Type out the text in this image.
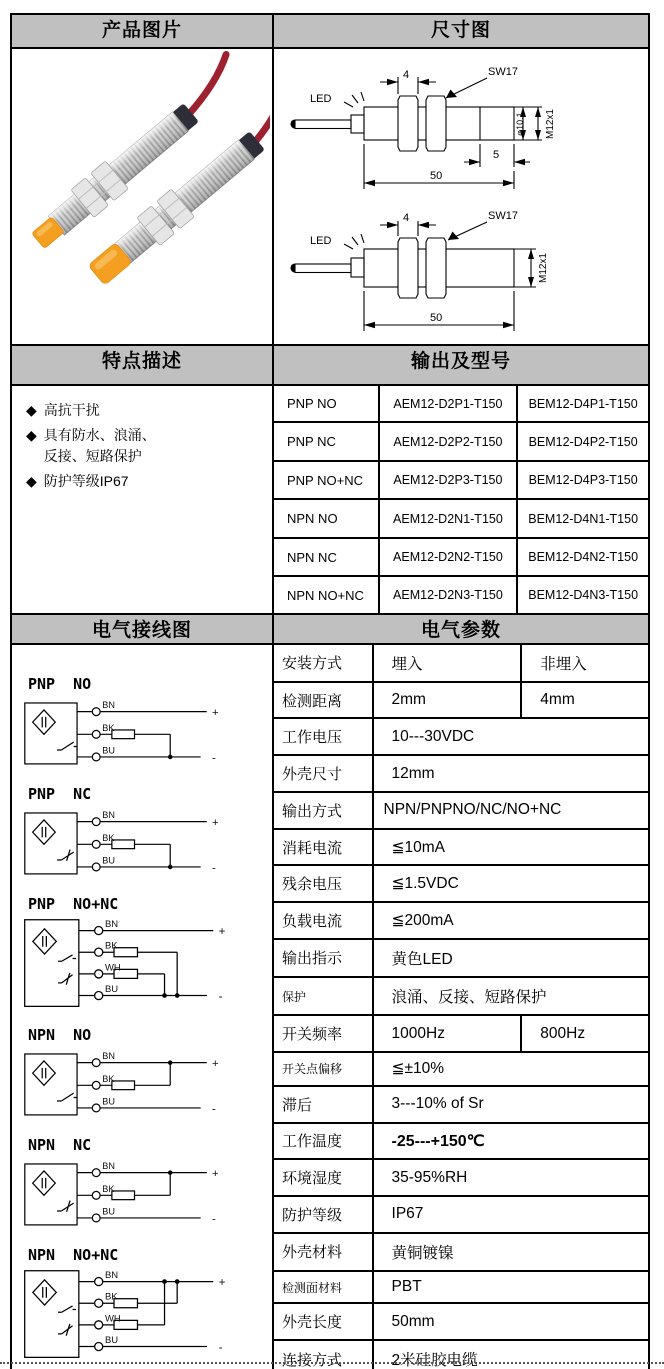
产品图片	尺寸图

LED
4	SW17
5
50
φ10.1 M12x1
LED
4	SW17
50
M12x1

特点描述	输出及型号

◆ 高抗干扰
◆ 具有防水、浪涌、反接、短路保护
◆ 防护等级IP67

PNP NO	AEM12-D2P1-T150	BEM12-D4P1-T150
PNP NC	AEM12-D2P2-T150	BEM12-D4P2-T150
PNP NO+NC	AEM12-D2P3-T150	BEM12-D4P3-T150
NPN NO	AEM12-D2N1-T150	BEM12-D4N1-T150
NPN NC	AEM12-D2N2-T150	BEM12-D4N2-T150
NPN NO+NC	AEM12-D2N3-T150	BEM12-D4N3-T150

电气接线图	电气参数

PNP  NO
BN
BK
BU
+
-
PNP  NC
BN
BK
BU
+
-
PNP  NO+NC
BN
BK
WH
BU
+
-
NPN  NO
BN
BK
BU
+
-
NPN  NC
BN
BK
BU
+
-
NPN  NO+NC
BN
BK
WH
BU
+
-

安装方式	埋入	非埋入
检测距离	2mm	4mm
工作电压	10---30VDC
外壳尺寸	12mm
输出方式	NPN/PNPNO/NC/NO+NC
消耗电流	≦10mA
残余电压	≦1.5VDC
负载电流	≦200mA
输出指示	黄色LED
保护	浪涌、反接、短路保护
开关频率	1000Hz	800Hz
开关点偏移	≦±10%
滞后	3---10% of Sr
工作温度	-25---+150℃
环境湿度	35-95%RH
防护等级	IP67
外壳材料	黄铜镀镍
检测面材料	PBT
外壳长度	50mm
连接方式	2米硅胶电缆
